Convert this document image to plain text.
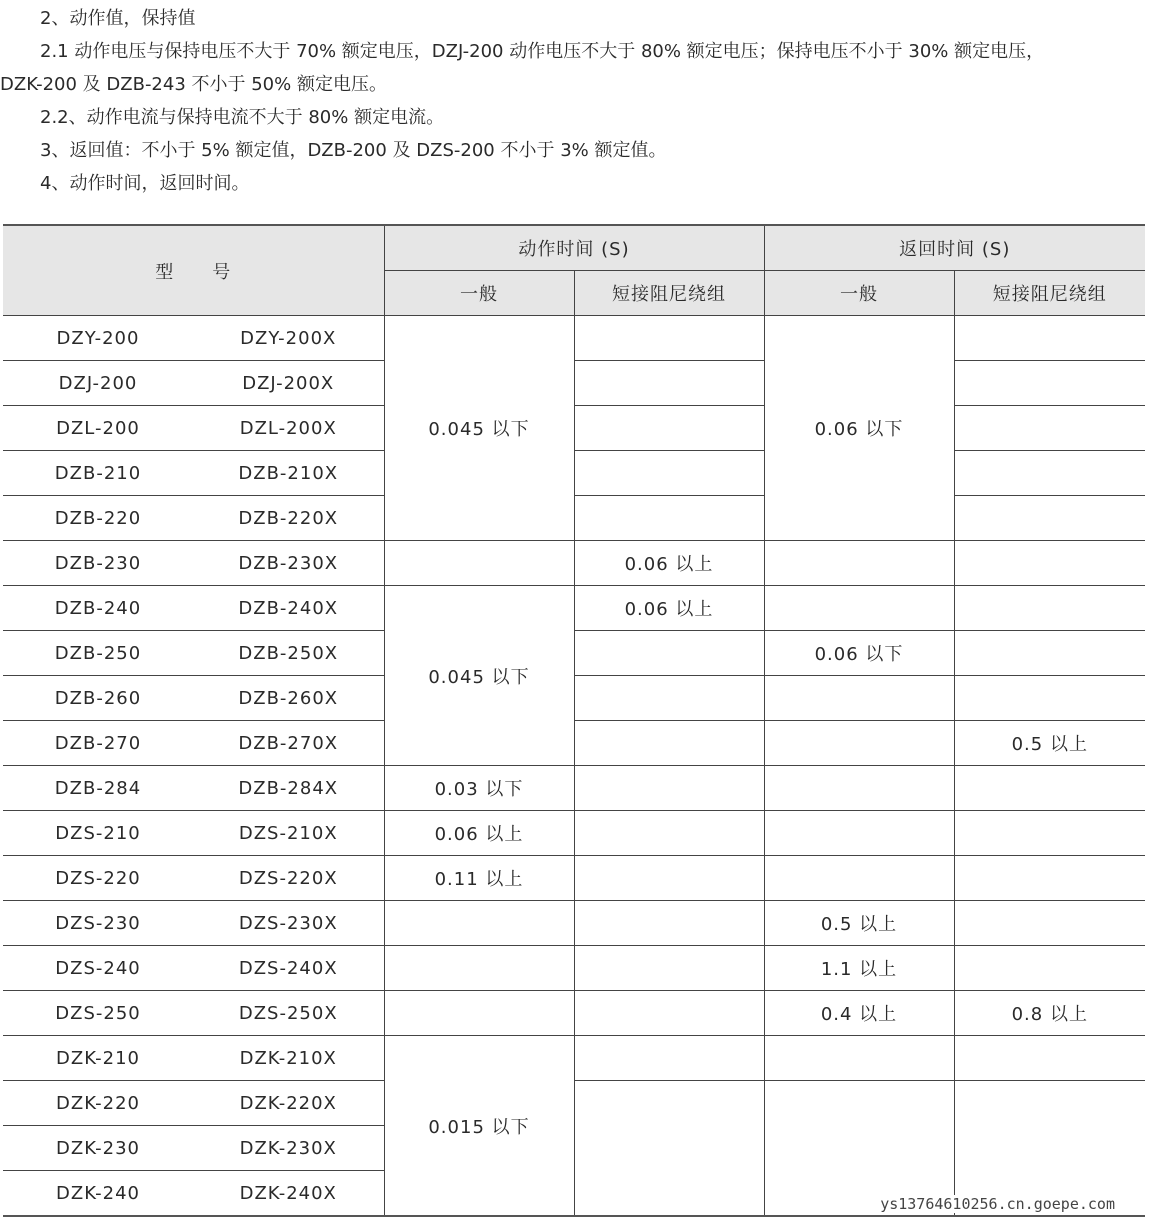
2、动作值，保持值

2.1 动作电压与保持电压不大于 70% 额定电压，DZJ-200 动作电压不大于 80% 额定电压；保持电压不小于 30% 额定电压，

DZK-200 及 DZB-243 不小于 50% 额定电压。

2.2、动作电流与保持电流不大于 80% 额定电流。

3、返回值：不小于 5% 额定值，DZB-200 及 DZS-200 不小于 3% 额定值。

4、动作时间，返回时间。

型　　号		动作时间 (S)		返回时间 (S)	
		一般	短接阻尼绕组	一般	短接阻尼绕组
DZY-200	DZY-200X	0.045 以下		0.06 以下	
DZJ-200	DZJ-200X				
DZL-200	DZL-200X				
DZB-210	DZB-210X				
DZB-220	DZB-220X				
DZB-230	DZB-230X		0.06 以上		
DZB-240	DZB-240X	0.045 以下	0.06 以上		
DZB-250	DZB-250X			0.06 以下	
DZB-260	DZB-260X				
DZB-270	DZB-270X				0.5 以上
DZB-284	DZB-284X	0.03 以下			
DZS-210	DZS-210X	0.06 以上			
DZS-220	DZS-220X	0.11 以上			
DZS-230	DZS-230X			0.5 以上	
DZS-240	DZS-240X			1.1 以上	
DZS-250	DZS-250X			0.4 以上	0.8 以上
DZK-210	DZK-210X	0.015 以下			
DZK-220	DZK-220X				
DZK-230	DZK-230X				
DZK-240	DZK-240X				
ys13764610256.cn.goepe.com
